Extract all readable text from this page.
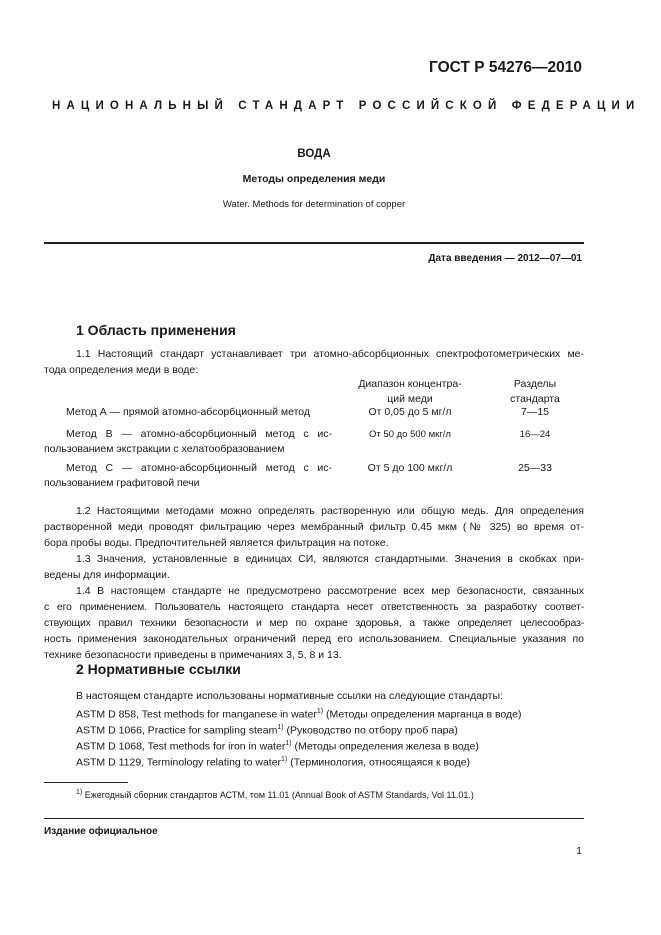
ГОСТ Р 54276—2010
НАЦИОНАЛЬНЫЙ СТАНДАРТ РОССИЙСКОЙ ФЕДЕРАЦИИ
ВОДА
Методы определения меди
Water. Methods for determination of copper
Дата введения — 2012—07—01
1 Область применения
1.1 Настоящий стандарт устанавливает три атомно-абсорбционных спектрофотометрических ме-
тода определения меди в воде:
Диапазон концентра-
ций меди
Разделы
стандарта
Метод А — прямой атомно-абсорбционный метод	От 0,05 до 5 мг/л	7—15
Метод В — атомно-абсорбционный метод с ис-
пользованием экстракции с хелатообразованием
От 50 до 500 мкг/л	16—24
Метод С — атомно-абсорбционный метод с ис-
пользованием графитовой печи
От 5 до 100 мкг/л	25—33
1.2 Настоящими методами можно определять растворенную или общую медь. Для определения
растворенной меди проводят фильтрацию через мембранный фильтр 0,45 мкм (№ 325) во время от-
бора пробы воды. Предпочтительней является фильтрация на потоке.
1.3 Значения, установленные в единицах СИ, являются стандартными. Значения в скобках при-
ведены для информации.
1.4 В настоящем стандарте не предусмотрено рассмотрение всех мер безопасности, связанных
с его применением. Пользователь настоящего стандарта несет ответственность за разработку соответ-
ствующих правил техники безопасности и мер по охране здоровья, а также определяет целесообраз-
ность применения законодательных ограничений перед его использованием. Специальные указания по
технике безопасности приведены в примечаниях 3, 5, 8 и 13.
2 Нормативные ссылки
В настоящем стандарте использованы нормативные ссылки на следующие стандарты:
ASTM D 858, Test methods for manganese in water$^{1)}$ (Методы определения марганца в воде)
ASTM D 1066, Practice for sampling steam$^{1)}$ (Руководство по отбору проб пара)
ASTM D 1068, Test methods for iron in water$^{1)}$ (Методы определения железа в воде)
ASTM D 1129, Terminology relating to water$^{1)}$ (Терминология, относящаяся к воде)
$^{1)}$ Ежегодный сборник стандартов АСТМ, том 11.01 (Annual Book of ASTM Standards, Vol 11.01.)
Издание официальное
1
